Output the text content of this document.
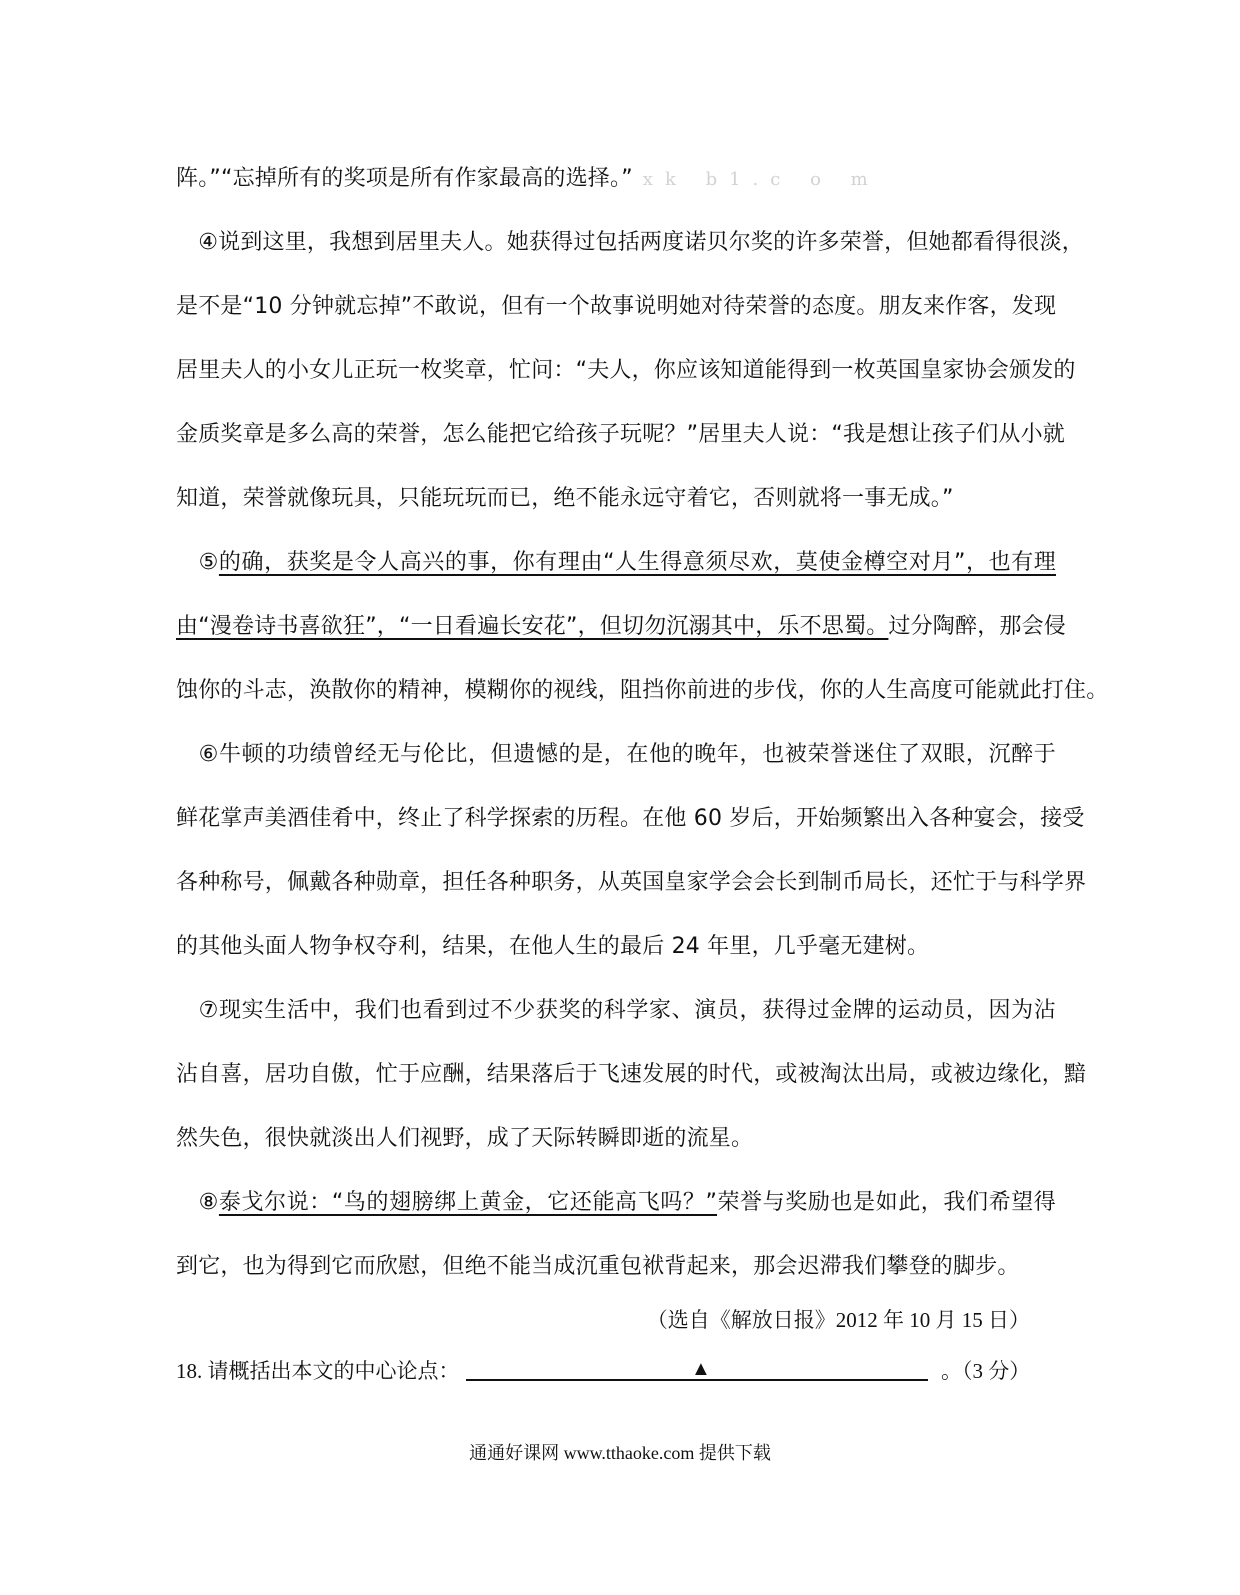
阵。”“忘掉所有的奖项是所有作家最高的选择。” xk b1.c o m
　④说到这里，我想到居里夫人。她获得过包括两度诺贝尔奖的许多荣誉，但她都看得很淡，
是不是“10 分钟就忘掉”不敢说，但有一个故事说明她对待荣誉的态度。朋友来作客，发现
居里夫人的小女儿正玩一枚奖章，忙问：“夫人，你应该知道能得到一枚英国皇家协会颁发的
金质奖章是多么高的荣誉，怎么能把它给孩子玩呢？”居里夫人说：“我是想让孩子们从小就
知道，荣誉就像玩具，只能玩玩而已，绝不能永远守着它，否则就将一事无成。”
　⑤的确，获奖是令人高兴的事，你有理由“人生得意须尽欢，莫使金樽空对月”，也有理
由“漫卷诗书喜欲狂”，“一日看遍长安花”，但切勿沉溺其中，乐不思蜀。过分陶醉，那会侵
蚀你的斗志，涣散你的精神，模糊你的视线，阻挡你前进的步伐，你的人生高度可能就此打住。
　⑥牛顿的功绩曾经无与伦比，但遗憾的是，在他的晚年，也被荣誉迷住了双眼，沉醉于
鲜花掌声美酒佳肴中，终止了科学探索的历程。在他 60 岁后，开始频繁出入各种宴会，接受
各种称号，佩戴各种勋章，担任各种职务，从英国皇家学会会长到制币局长，还忙于与科学界
的其他头面人物争权夺利，结果，在他人生的最后 24 年里，几乎毫无建树。
　⑦现实生活中，我们也看到过不少获奖的科学家、演员，获得过金牌的运动员，因为沾
沾自喜，居功自傲，忙于应酬，结果落后于飞速发展的时代，或被淘汰出局，或被边缘化，黯
然失色，很快就淡出人们视野，成了天际转瞬即逝的流星。
　⑧泰戈尔说：“鸟的翅膀绑上黄金，它还能高飞吗？”荣誉与奖励也是如此，我们希望得
到它，也为得到它而欣慰，但绝不能当成沉重包袱背起来，那会迟滞我们攀登的脚步。
（选自《解放日报》2012 年 10 月 15 日）
18. 请概括出本文的中心论点：	▲	。（3 分）
通通好课网 www.tthaoke.com 提供下载
